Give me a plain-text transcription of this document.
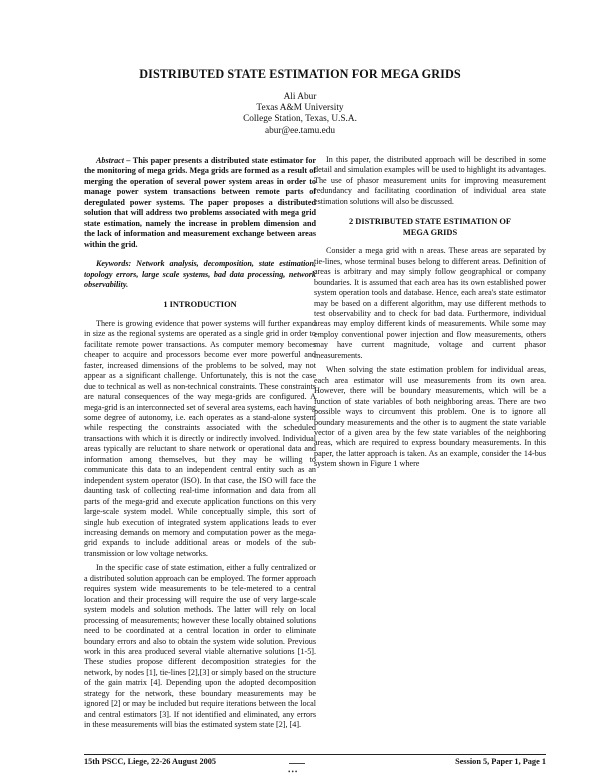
DISTRIBUTED STATE ESTIMATION FOR MEGA GRIDS
Ali Abur
Texas A&M University
College Station, Texas, U.S.A.
abur@ee.tamu.edu

Abstract – This paper presents a distributed state estimator for the monitoring of mega grids. Mega grids are formed as a result of merging the operation of several power system areas in order to manage power system transactions between remote parts of deregulated power systems. The paper proposes a distributed solution that will address two problems associated with mega grid state estimation, namely the increase in problem dimension and the lack of information and measurement exchange between areas within the grid.

Keywords: Network analysis, decomposition, state estimation, topology errors, large scale systems, bad data processing, network observability.

1 INTRODUCTION

There is growing evidence that power systems will further expand in size as the regional systems are operated as a single grid in order to facilitate remote power transactions. As computer memory becomes cheaper to acquire and processors become ever more powerful and faster, increased dimensions of the problems to be solved, may not appear as a significant challenge. Unfortunately, this is not the case due to technical as well as non-technical constraints. These constraints are natural consequences of the way mega-grids are configured. A mega-grid is an interconnected set of several area systems, each having some degree of autonomy, i.e. each operates as a stand-alone system while respecting the constraints associated with the scheduled transactions with which it is directly or indirectly involved. Individual areas typically are reluctant to share network or operational data and information among themselves, but they may be willing to communicate this data to an independent central entity such as an independent system operator (ISO). In that case, the ISO will face the daunting task of collecting real-time information and data from all parts of the mega-grid and execute application functions on this very large-scale system model. While conceptually simple, this sort of single hub execution of integrated system applications leads to ever increasing demands on memory and computation power as the mega-grid expands to include additional areas or models of the sub-transmission or low voltage networks.

In the specific case of state estimation, either a fully centralized or a distributed solution approach can be employed. The former approach requires system wide measurements to be tele-metered to a central location and their processing will require the use of very large-scale system models and solution methods. The latter will rely on local processing of measurements; however these locally obtained solutions need to be coordinated at a central location in order to eliminate boundary errors and also to obtain the system wide solution. Previous work in this area produced several viable alternative solutions [1-5]. These studies propose different decomposition strategies for the network, by nodes [1], tie-lines [2],[3] or simply based on the structure of the gain matrix [4]. Depending upon the adopted decomposition strategy for the network, these boundary measurements may be ignored [2] or may be included but require iterations between the local and central estimators [3]. If not identified and eliminated, any errors in these measurements will bias the estimated system state [2], [4].

In this paper, the distributed approach will be described in some detail and simulation examples will be used to highlight its advantages. The use of phasor measurement units for improving measurement redundancy and facilitating coordination of individual area state estimation solutions will also be discussed.

2 DISTRIBUTED STATE ESTIMATION OF
MEGA GRIDS

Consider a mega grid with n areas. These areas are separated by tie-lines, whose terminal buses belong to different areas. Definition of areas is arbitrary and may simply follow geographical or company boundaries. It is assumed that each area has its own established power system operation tools and database. Hence, each area's state estimator may be based on a different algorithm, may use different methods to test observability and to check for bad data. Furthermore, individual areas may employ different kinds of measurements. While some may employ conventional power injection and flow measurements, others may have current magnitude, voltage and current phasor measurements.

When solving the state estimation problem for individual areas, each area estimator will use measurements from its own area. However, there will be boundary measurements, which will be a function of state variables of both neighboring areas. There are two possible ways to circumvent this problem. One is to ignore all boundary measurements and the other is to augment the state variable vector of a given area by the few state variables of the neighboring areas, which are required to express boundary measurements. In this paper, the latter approach is taken. As an example, consider the 14-bus system shown in Figure 1 where

15th PSCC, Liege, 22-26 August 2005	Session 5, Paper 1, Page 1
•••
